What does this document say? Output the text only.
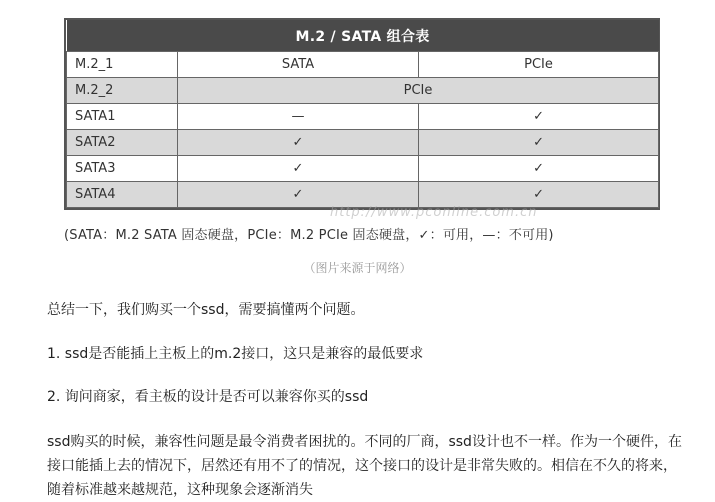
M.2 / SATA 组合表		
M.2_1	SATA	PCIe
M.2_2	PCIe	
SATA1	—	✓
SATA2	✓	✓
SATA3	✓	✓
SATA4	✓	✓
http://www.pconline.com.cn
(SATA：M.2 SATA 固态硬盘，PCIe：M.2 PCIe 固态硬盘，✓：可用，—：不可用)
（图片来源于网络）

总结一下，我们购买一个ssd，需要搞懂两个问题。

1. ssd是否能插上主板上的m.2接口，这只是兼容的最低要求

2. 询问商家，看主板的设计是否可以兼容你买的ssd

ssd购买的时候，兼容性问题是最令消费者困扰的。不同的厂商，ssd设计也不一样。作为一个硬件，在接口能插上去的情况下，居然还有用不了的情况，这个接口的设计是非常失败的。相信在不久的将来，随着标准越来越规范，这种现象会逐渐消失
